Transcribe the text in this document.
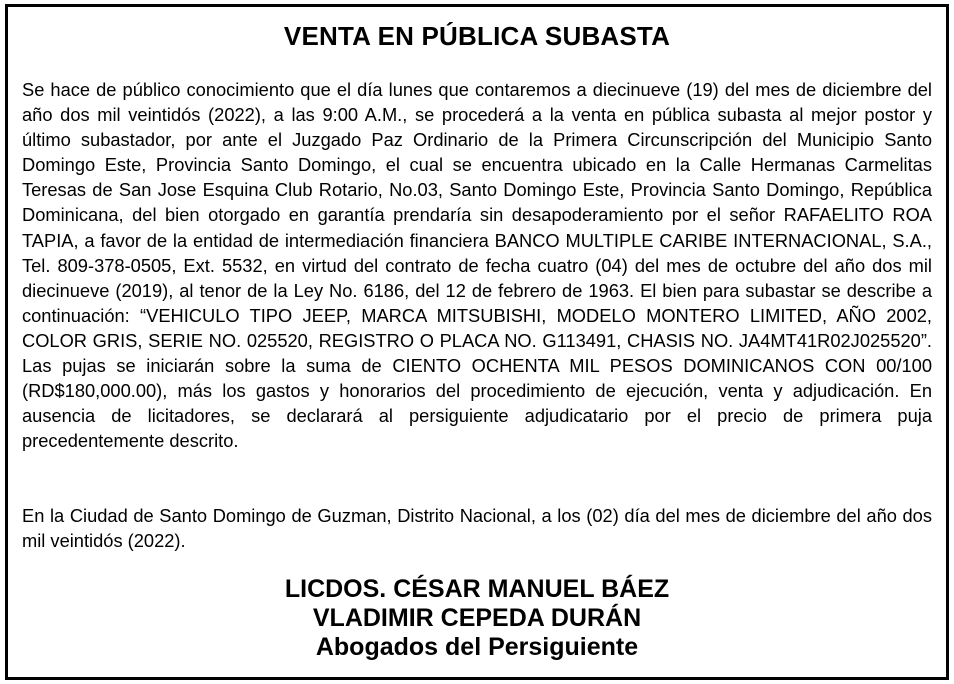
VENTA EN PÚBLICA SUBASTA

Se hace de público conocimiento que el día lunes que contaremos a diecinueve (19) del mes de diciembre del año dos mil veintidós (2022), a las 9:00 A.M., se procederá a la venta en pública subasta al mejor postor y último subastador, por ante el Juzgado Paz Ordinario de la Primera Circunscripción del Municipio Santo Domingo Este, Provincia Santo Domingo, el cual se encuentra ubicado en la Calle Hermanas Carmelitas Teresas de San Jose Esquina Club Rotario, No.03, Santo Domingo Este, Provincia Santo Domingo, República Dominicana, del bien otorgado en garantía prendaría sin desapoderamiento por el señor RAFAELITO ROA TAPIA, a favor de la entidad de intermediación financiera BANCO MULTIPLE CARIBE INTERNACIONAL, S.A., Tel. 809-378-0505, Ext. 5532, en virtud del contrato de fecha cuatro (04) del mes de octubre del año dos mil diecinueve (2019), al tenor de la Ley No. 6186, del 12 de febrero de 1963. El bien para subastar se describe a continuación: “VEHICULO TIPO JEEP, MARCA MITSUBISHI, MODELO MONTERO LIMITED, AÑO 2002, COLOR GRIS, SERIE NO. 025520, REGISTRO O PLACA NO. G113491, CHASIS NO. JA4MT41R02J025520”. Las pujas se iniciarán sobre la suma de CIENTO OCHENTA MIL PESOS DOMINICANOS CON 00/100 (RD$180,000.00), más los gastos y honorarios del procedimiento de ejecución, venta y adjudicación. En ausencia de licitadores, se declarará al persiguiente adjudicatario por el precio de primera puja precedentemente descrito.

En la Ciudad de Santo Domingo de Guzman, Distrito Nacional, a los (02) día del mes de diciembre del año dos mil veintidós (2022).

LICDOS. CÉSAR MANUEL BÁEZ
VLADIMIR CEPEDA DURÁN
Abogados del Persiguiente
